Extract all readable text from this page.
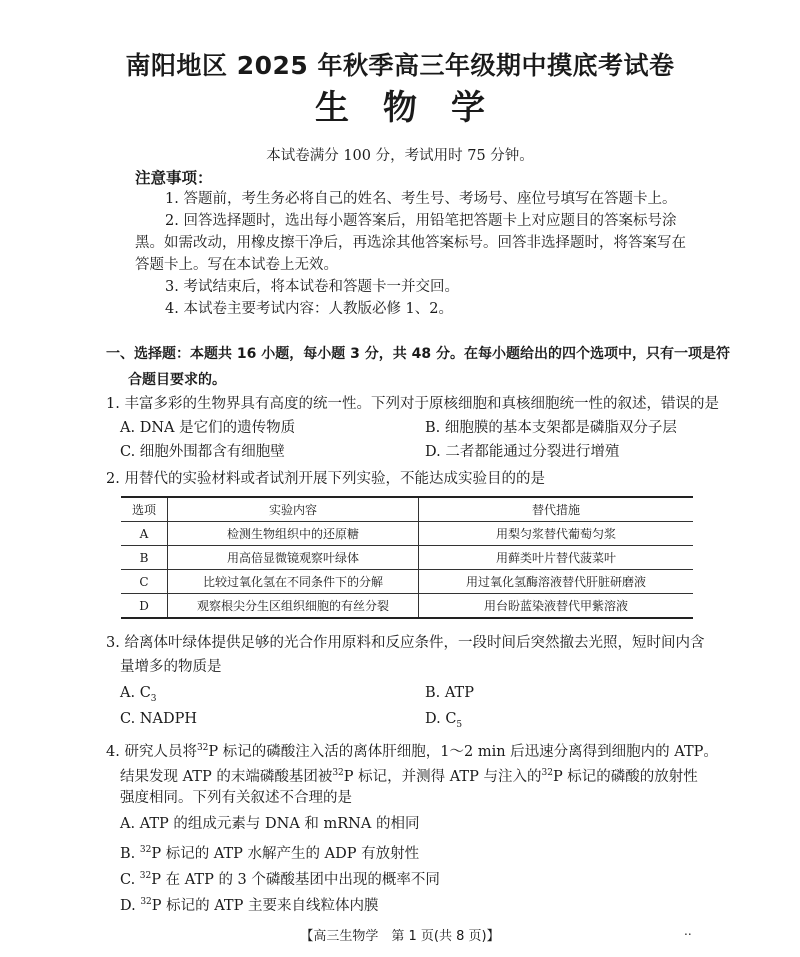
南阳地区 2025 年秋季高三年级期中摸底考试卷
生物学
本试卷满分 100 分，考试用时 75 分钟。
注意事项：
1. 答题前，考生务必将自己的姓名、考生号、考场号、座位号填写在答题卡上。
2. 回答选择题时，选出每小题答案后，用铅笔把答题卡上对应题目的答案标号涂
黑。如需改动，用橡皮擦干净后，再选涂其他答案标号。回答非选择题时，将答案写在
答题卡上。写在本试卷上无效。
3. 考试结束后，将本试卷和答题卡一并交回。
4. 本试卷主要考试内容：人教版必修 1、2。
一、选择题：本题共 16 小题，每小题 3 分，共 48 分。在每小题给出的四个选项中，只有一项是符
合题目要求的。
1. 丰富多彩的生物界具有高度的统一性。下列对于原核细胞和真核细胞统一性的叙述，错误的是
A. DNA 是它们的遗传物质	B. 细胞膜的基本支架都是磷脂双分子层
C. 细胞外围都含有细胞壁	D. 二者都能通过分裂进行增殖
2. 用替代的实验材料或者试剂开展下列实验，不能达成实验目的的是
选项	实验内容	替代措施
A	检测生物组织中的还原糖	用梨匀浆替代葡萄匀浆
B	用高倍显微镜观察叶绿体	用藓类叶片替代菠菜叶
C	比较过氧化氢在不同条件下的分解	用过氧化氢酶溶液替代肝脏研磨液
D	观察根尖分生区组织细胞的有丝分裂	用台盼蓝染液替代甲紫溶液
3. 给离体叶绿体提供足够的光合作用原料和反应条件，一段时间后突然撤去光照，短时间内含
量增多的物质是
A. $C_3$	B. ATP
C. NADPH	D. $C_5$
4. 研究人员将$^{32}$P 标记的磷酸注入活的离体肝细胞，1～2 min 后迅速分离得到细胞内的 ATP。
结果发现 ATP 的末端磷酸基团被$^{32}$P 标记，并测得 ATP 与注入的$^{32}$P 标记的磷酸的放射性
强度相同。下列有关叙述不合理的是
A. ATP 的组成元素与 DNA 和 mRNA 的相同
B. $^{32}$P 标记的 ATP 水解产生的 ADP 有放射性
C. $^{32}$P 在 ATP 的 3 个磷酸基团中出现的概率不同
D. $^{32}$P 标记的 ATP 主要来自线粒体内膜
【高三生物学　第 1 页(共 8 页)】	..
